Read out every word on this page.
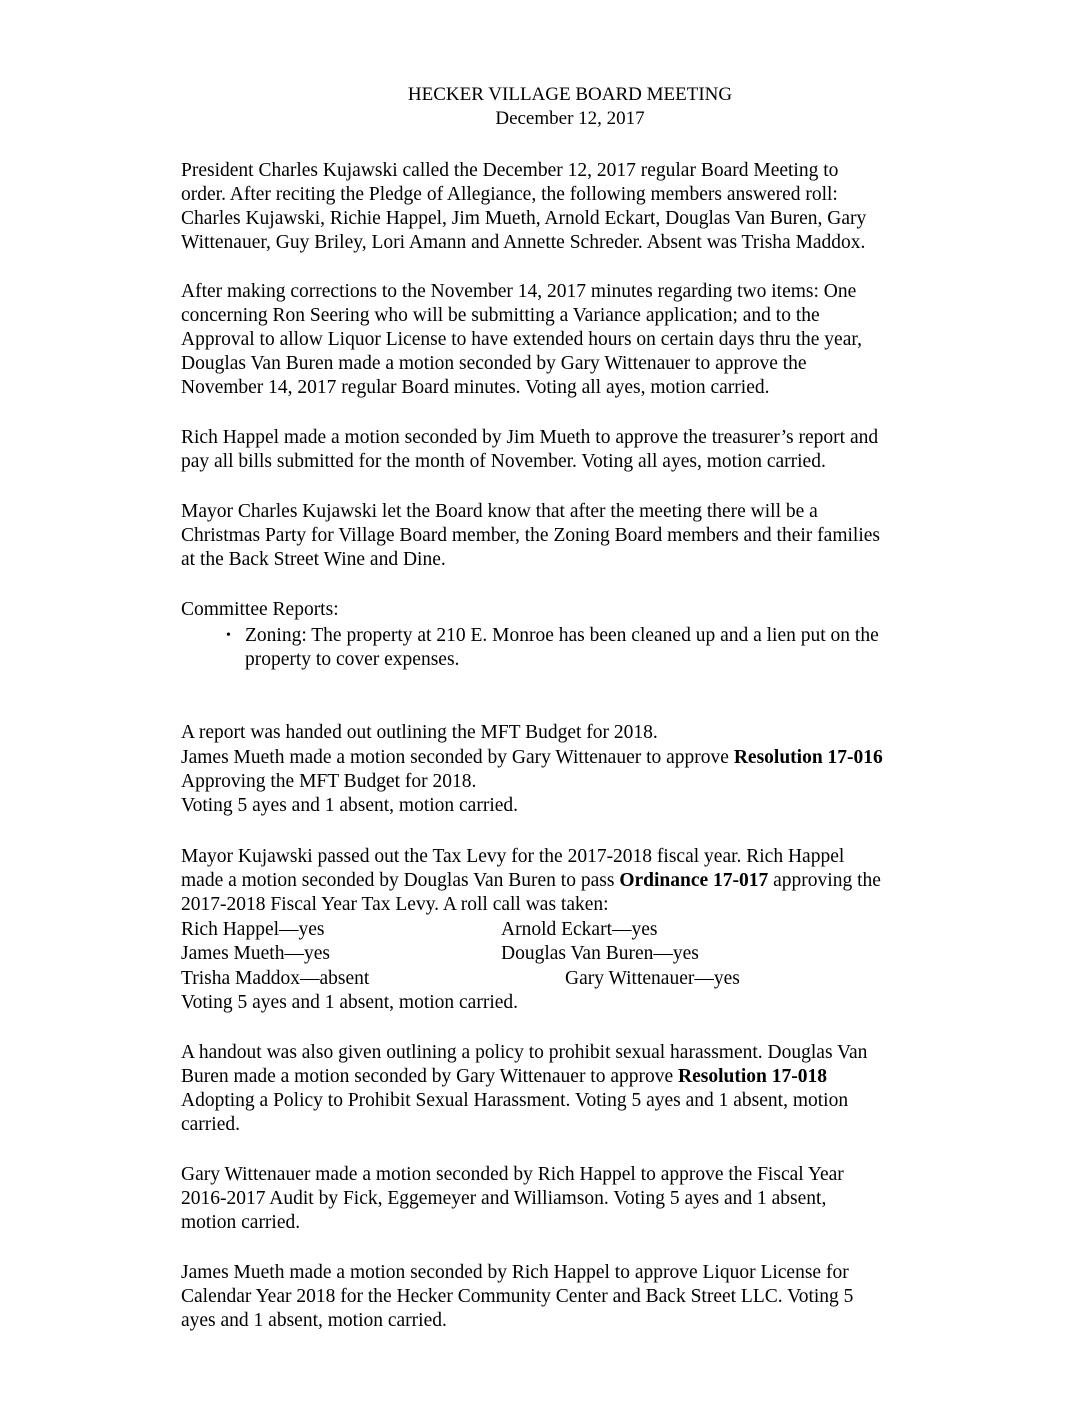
HECKER VILLAGE BOARD MEETING
December 12, 2017
President Charles Kujawski called the December 12, 2017 regular Board Meeting to
order. After reciting the Pledge of Allegiance, the following members answered roll:
Charles Kujawski, Richie Happel, Jim Mueth, Arnold Eckart, Douglas Van Buren, Gary
Wittenauer, Guy Briley, Lori Amann and Annette Schreder. Absent was Trisha Maddox.
After making corrections to the November 14, 2017 minutes regarding two items: One
concerning Ron Seering who will be submitting a Variance application; and to the
Approval to allow Liquor License to have extended hours on certain days thru the year,
Douglas Van Buren made a motion seconded by Gary Wittenauer to approve the
November 14, 2017 regular Board minutes. Voting all ayes, motion carried.
Rich Happel made a motion seconded by Jim Mueth to approve the treasurer’s report and
pay all bills submitted for the month of November. Voting all ayes, motion carried.
Mayor Charles Kujawski let the Board know that after the meeting there will be a
Christmas Party for Village Board member, the Zoning Board members and their families
at the Back Street Wine and Dine.
Committee Reports:
• Zoning: The property at 210 E. Monroe has been cleaned up and a lien put on the
property to cover expenses.
A report was handed out outlining the MFT Budget for 2018.
James Mueth made a motion seconded by Gary Wittenauer to approve Resolution 17-016
Approving the MFT Budget for 2018.
Voting 5 ayes and 1 absent, motion carried.
Mayor Kujawski passed out the Tax Levy for the 2017-2018 fiscal year. Rich Happel
made a motion seconded by Douglas Van Buren to pass Ordinance 17-017 approving the
2017-2018 Fiscal Year Tax Levy. A roll call was taken:
Rich Happel—yes	Arnold Eckart—yes
James Mueth—yes	Douglas Van Buren—yes
Trisha Maddox—absent	Gary Wittenauer—yes
Voting 5 ayes and 1 absent, motion carried.
A handout was also given outlining a policy to prohibit sexual harassment. Douglas Van
Buren made a motion seconded by Gary Wittenauer to approve Resolution 17-018
Adopting a Policy to Prohibit Sexual Harassment. Voting 5 ayes and 1 absent, motion
carried.
Gary Wittenauer made a motion seconded by Rich Happel to approve the Fiscal Year
2016-2017 Audit by Fick, Eggemeyer and Williamson. Voting 5 ayes and 1 absent,
motion carried.
James Mueth made a motion seconded by Rich Happel to approve Liquor License for
Calendar Year 2018 for the Hecker Community Center and Back Street LLC. Voting 5
ayes and 1 absent, motion carried.
